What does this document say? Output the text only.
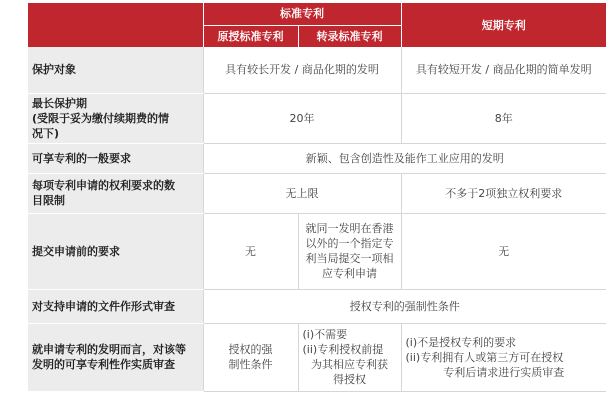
	标准专利		短期专利
	原授标准专利	转录标准专利	
保护对象	具有较长开发 / 商品化期的发明		具有较短开发 / 商品化期的简单发明

最长保护期
(受限于妥为缴付续期费的情
况下)	20年		8年
可享专利的一般要求	新颖、包含创造性及能作工业应用的发明		

每项专利申请的权利要求的数
目限制	无上限		不多于2项独立权利要求
提交申请前的要求	无	就同一发明在香港
以外的一个指定专
利当局提交一项相
应专利申请	无
对支持申请的文件作形式审查	授权专利的强制性条件		

就申请专利的发明而言，对该等
发明的可享专利性作实质审查	授权的强
制性条件	(i)不需要
(ii)专利授权前提
为其相应专利获
得授权	(i)不是授权专利的要求
(ii)专利拥有人或第三方可在授权
专利后请求进行实质审查
